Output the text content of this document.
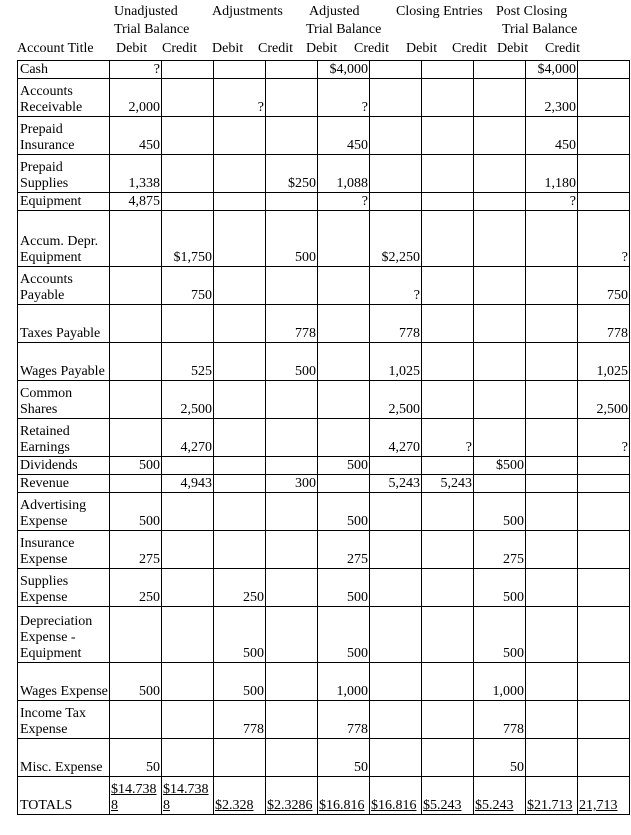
Unadjusted Adjustments Adjusted	Closing Entries Post Closing
Trial Balance	Trial Balance	Trial Balance
Account Title Debit Credit Debit Credit Debit Credit Debit Credit Debit Credit
Cash	?				$4,000				$4,000	
Accounts Receivable	2,000		?		?				2,300	
Prepaid Insurance	450				450				450	
Prepaid Supplies	1,338			$250	1,088				1,180	
Equipment	4,875				?				?	
Accum. Depr. Equipment		$1,750		500		$2,250				?
Accounts Payable		750				?				750
Taxes Payable				778		778				778
Wages Payable		525		500		1,025				1,025
Common Shares		2,500				2,500				2,500
Retained Earnings		4,270				4,270	?			?
Dividends	500				500			$500		
Revenue		4,943		300		5,243	5,243			
Advertising Expense	500				500			500		
Insurance Expense	275				275			275		
Supplies Expense	250		250		500			500		
Depreciation Expense - Equipment			500		500			500		
Wages Expense	500		500		1,000			1,000		
Income Tax Expense			778		778			778		
Misc. Expense	50				50			50		
TOTALS	$14.7388	$14.7388	$2.328	$2.3286	$16.816	$16.816	$5.243	$5.243	$21.713	21,713
